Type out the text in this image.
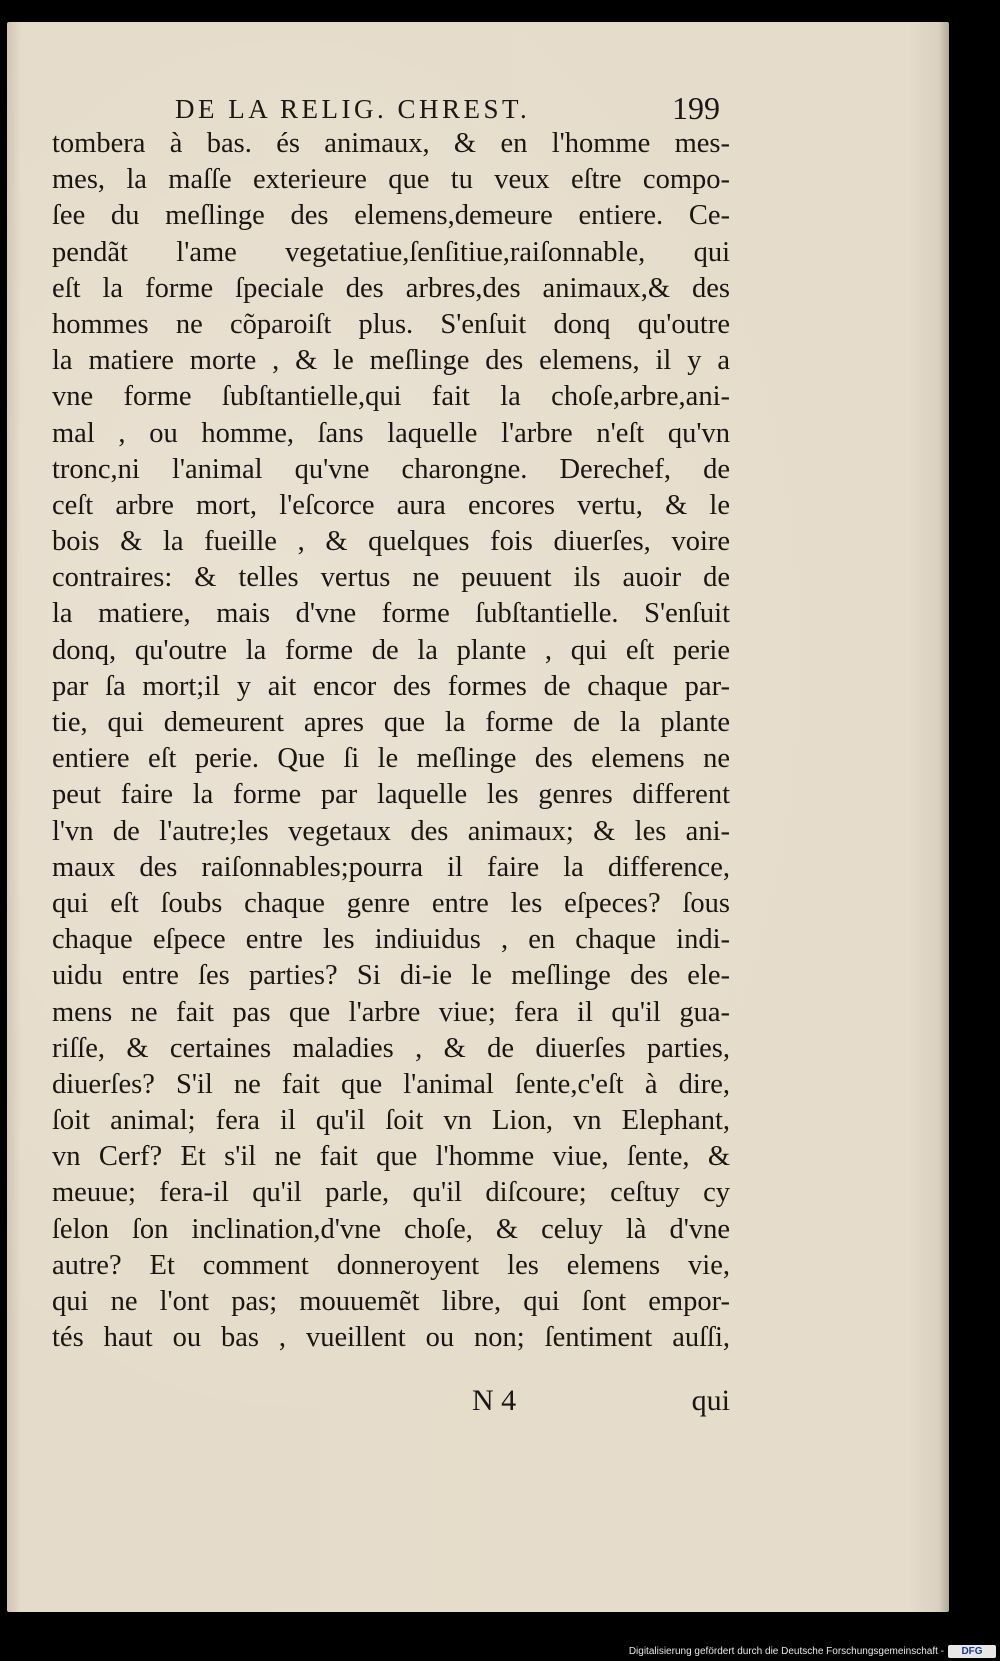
DE LA RELIG. CHREST.	199
tombera à bas. és animaux, & en l'homme mes-
mes, la maſſe exterieure que tu veux eſtre compo-
ſee du meſlinge des elemens,demeure entiere. Ce-
pendãt l'ame vegetatiue,ſenſitiue,raiſonnable, qui
eſt la forme ſpeciale des arbres,des animaux,& des
hommes ne cõparoiſt plus. S'enſuit donq qu'outre
la matiere morte , & le meſlinge des elemens, il y a
vne forme ſubſtantielle,qui fait la choſe,arbre,ani-
mal , ou homme, ſans laquelle l'arbre n'eſt qu'vn
tronc,ni l'animal qu'vne charongne. Derechef, de
ceſt arbre mort, l'eſcorce aura encores vertu, & le
bois & la fueille , & quelques fois diuerſes, voire
contraires: & telles vertus ne peuuent ils auoir de
la matiere, mais d'vne forme ſubſtantielle. S'enſuit
donq, qu'outre la forme de la plante , qui eſt perie
par ſa mort;il y ait encor des formes de chaque par-
tie, qui demeurent apres que la forme de la plante
entiere eſt perie. Que ſi le meſlinge des elemens ne
peut faire la forme par laquelle les genres different
l'vn de l'autre;les vegetaux des animaux; & les ani-
maux des raiſonnables;pourra il faire la difference,
qui eſt ſoubs chaque genre entre les eſpeces? ſous
chaque eſpece entre les indiuidus , en chaque indi-
uidu entre ſes parties? Si di-ie le meſlinge des ele-
mens ne fait pas que l'arbre viue; fera il qu'il gua-
riſſe, & certaines maladies , & de diuerſes parties,
diuerſes? S'il ne fait que l'animal ſente,c'eſt à dire,
ſoit animal; fera il qu'il ſoit vn Lion, vn Elephant,
vn Cerf? Et s'il ne fait que l'homme viue, ſente, &
meuue; fera-il qu'il parle, qu'il diſcoure; ceſtuy cy
ſelon ſon inclination,d'vne choſe, & celuy là d'vne
autre? Et comment donneroyent les elemens vie,
qui ne l'ont pas; mouuemẽt libre, qui ſont empor-
tés haut ou bas , vueillent ou non; ſentiment auſſi,
N 4	qui
Digitalisierung gefördert durch die Deutsche Forschungsgemeinschaft -	DFG
